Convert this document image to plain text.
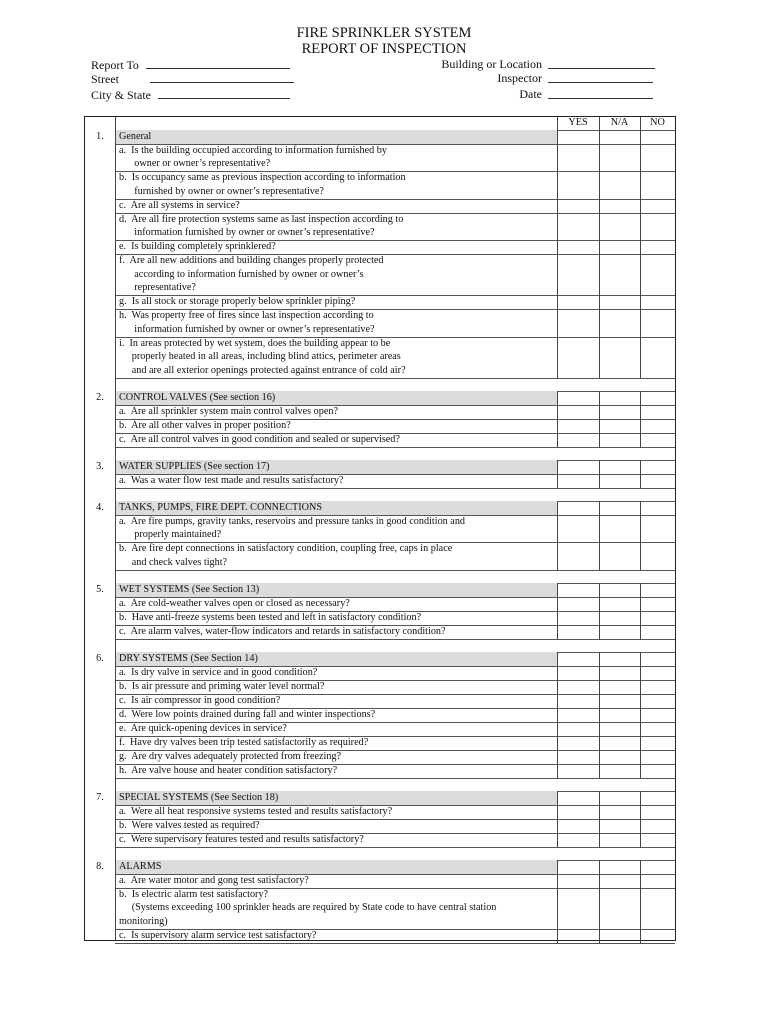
FIRE SPRINKLER SYSTEM
REPORT OF INSPECTION
Report To
Street
City & State
Building or Location
Inspector
Date
YES	N/A	NO
1.	General
a.  Is the building occupied according to information furnished by
owner or owner’s representative?
b.  Is occupancy same as previous inspection according to information
furnished by owner or owner’s representative?
c.  Are all systems in service?
d.  Are all fire protection systems same as last inspection according to
information furnished by owner or owner’s representative?
e.  Is building completely sprinklered?
f.  Are all new additions and building changes properly protected
according to information furnished by owner or owner’s
representative?
g.  Is all stock or storage properly below sprinkler piping?
h.  Was property free of fires since last inspection according to
information furnished by owner or owner’s representative?
i.  In areas protected by wet system, does the building appear to be
properly heated in all areas, including blind attics, perimeter areas
and are all exterior openings protected against entrance of cold air?
2.	CONTROL VALVES (See section 16)
a.  Are all sprinkler system main control valves open?
b.  Are all other valves in proper position?
c.  Are all control valves in good condition and sealed or supervised?
3.	WATER SUPPLIES (See section 17)
a.  Was a water flow test made and results satisfactory?
4.	TANKS, PUMPS, FIRE DEPT. CONNECTIONS
a.  Are fire pumps, gravity tanks, reservoirs and pressure tanks in good condition and
properly maintained?
b.  Are fire dept connections in satisfactory condition, coupling free, caps in place
and check valves tight?
5.	WET SYSTEMS (See Section 13)
a.  Are cold-weather valves open or closed as necessary?
b.  Have anti-freeze systems been tested and left in satisfactory condition?
c.  Are alarm valves, water-flow indicators and retards in satisfactory condition?
6.	DRY SYSTEMS (See Section 14)
a.  Is dry valve in service and in good condition?
b.  Is air pressure and priming water level normal?
c.  Is air compressor in good condition?
d.  Were low points drained during fall and winter inspections?
e.  Are quick-opening devices in service?
f.  Have dry valves been trip tested satisfactorily as required?
g.  Are dry valves adequately protected from freezing?
h.  Are valve house and heater condition satisfactory?
7.	SPECIAL SYSTEMS (See Section 18)
a.  Were all heat responsive systems tested and results satisfactory?
b.  Were valves tested as required?
c.  Were supervisory features tested and results satisfactory?
8.	ALARMS
a.  Are water motor and gong test satisfactory?
b.  Is electric alarm test satisfactory?
(Systems exceeding 100 sprinkler heads are required by State code to have central station
monitoring)
c.  Is supervisory alarm service test satisfactory?
